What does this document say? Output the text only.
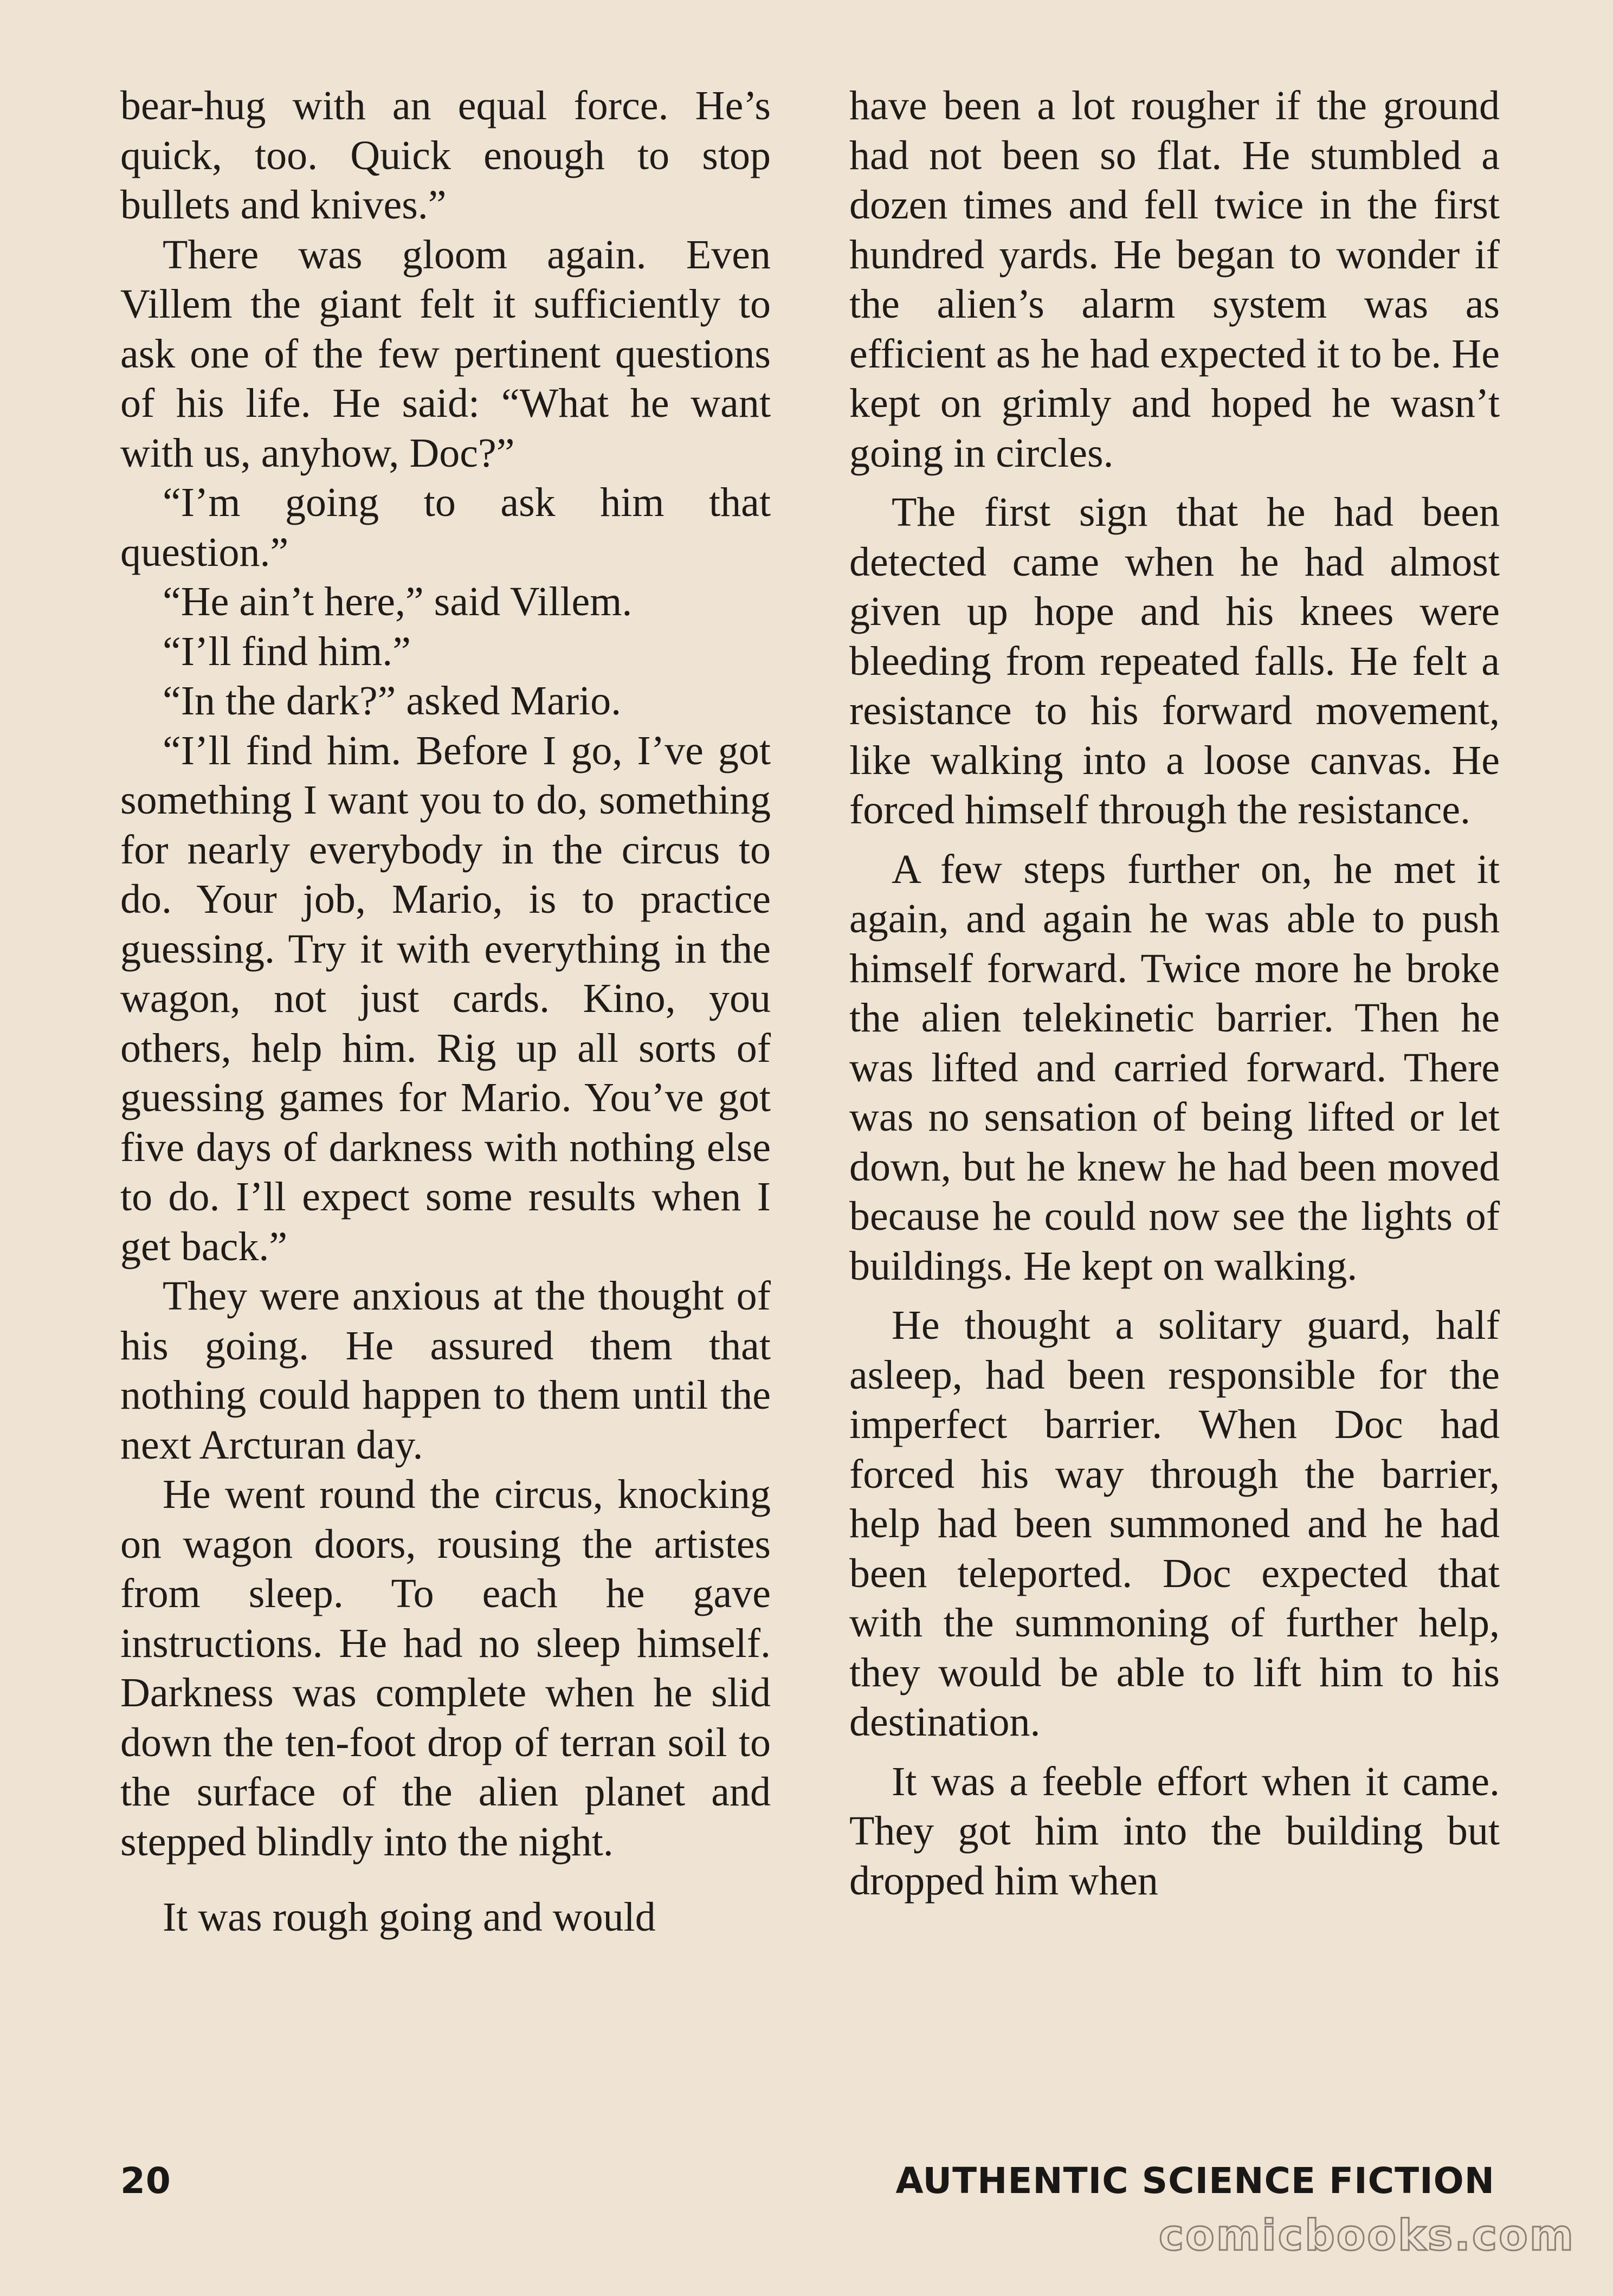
bear-hug with an equal force. He’s quick, too. Quick enough to stop bullets and knives.”

There was gloom again. Even Villem the giant felt it sufficiently to ask one of the few pertinent questions of his life. He said: “What he want with us, anyhow, Doc?”

“I’m going to ask him that question.”

“He ain’t here,” said Villem.

“I’ll find him.”

“In the dark?” asked Mario.

“I’ll find him. Before I go, I’ve got something I want you to do, something for nearly everybody in the circus to do. Your job, Mario, is to practice guessing. Try it with everything in the wagon, not just cards. Kino, you others, help him. Rig up all sorts of guessing games for Mario. You’ve got five days of darkness with nothing else to do. I’ll expect some results when I get back.”

They were anxious at the thought of his going. He assured them that nothing could happen to them until the next Arcturan day.

He went round the circus, knocking on wagon doors, rousing the artistes from sleep. To each he gave instructions. He had no sleep himself. Darkness was complete when he slid down the ten-foot drop of terran soil to the surface of the alien planet and stepped blindly into the night.

It was rough going and would

have been a lot rougher if the ground had not been so flat. He stumbled a dozen times and fell twice in the first hundred yards. He began to wonder if the alien’s alarm system was as efficient as he had expected it to be. He kept on grimly and hoped he wasn’t going in circles.

The first sign that he had been detected came when he had almost given up hope and his knees were bleeding from repeated falls. He felt a resistance to his forward movement, like walking into a loose canvas. He forced himself through the resistance.

A few steps further on, he met it again, and again he was able to push himself forward. Twice more he broke the alien telekinetic barrier. Then he was lifted and carried forward. There was no sensation of being lifted or let down, but he knew he had been moved because he could now see the lights of buildings. He kept on walking.

He thought a solitary guard, half asleep, had been responsible for the imperfect barrier. When Doc had forced his way through the barrier, help had been summoned and he had been teleported. Doc expected that with the summoning of further help, they would be able to lift him to his destination.

It was a feeble effort when it came. They got him into the building but dropped him when

20	AUTHENTIC SCIENCE FICTION
comicbooks.com
